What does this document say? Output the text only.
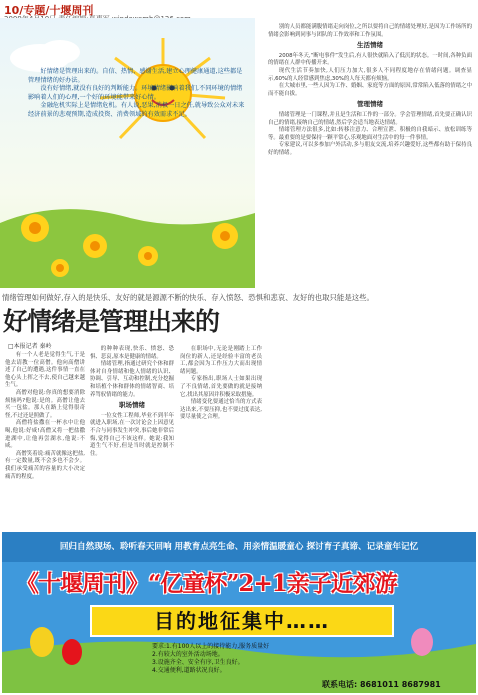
10/专题/十堰周刊

好情绪是管理出来的。自信、热情、感谢生活,建立心理健康通道,这些都是管理情绪的好办法。

没有好情绪,就没有良好的判断能力。环境情绪影响着我们,不同环境的情绪影响着人们的心理,一个好的环境能带来好心情。

金融危机实际上是情绪危机。有人说,恶果,消极一日之任,就导致公众对未来经济前景的悲观预期,造成投资、消费领域的有效需求不足。

情绪管理如何做好,存入的是快乐、友好的就是源源不断的快乐、存入愤怒、恐惧和悲哀、友好的也取只能是这些。
好情绪是管理出来的
□本报记者 秦岭

有一个人老是觉得生气,于是他去请教一位高僧。他向高僧讲述了自己的遭遇,这件事情一直在他心头上挥之不去,使自己越来越生气。

高僧对他说:你真的想要消除烦恼吗?他说:是的。高僧让他去买一包盐。那人在路上觉得很奇怪,不过还是照做了。

高僧将盐撒在一杯水中让他喝,他说:好咸!高僧又将一把盐撒进湖中,让他再尝湖水,他说:不咸。

高僧笑着说:痛苦就像这把盐,有一定数量,既不会多也不会少。我们承受痛苦的容量的大小决定痛苦的程度。

的种种表现,快乐、愤怒、恐惧、悲哀,原本是健康的情绪。

情绪管理,指通过研究个体和群体对自身情绪和他人情绪的认识、协调、引导、互动和控制,充分挖掘和培植个体和群体的情绪智商、培养驾驭情绪的能力。

职场情绪

一位女性工程师,毕业不到半年就进入职场,在一次讨论会上因意见不合与同事发生冲突,事后她非常后悔,觉得自己不该这样。她说:我知道生气不好,但是当时就是控制不住。

在职场中,无论是刚踏上工作岗位的新人,还是经验丰富的老员工,都会因为工作压力大而出现情绪问题。

专家指出,职场人士如果出现了不良情绪,首先要做的就是接纳它,找出其原因并积极采取措施。

情绪变化要通过恰当的方式表达出来,不要压抑,也不要过度表达,要尽量使之合理。

别的人员都能满腹情绪走向岗位,之所以要将自己的情绪处理好,是因为工作场所的情绪会影响到同事与团队的工作效率和工作氛围。

生活情绪

2008年冬天,“断电事件”发生后,有人很快就陷入了低沉的状态。一时间,各种负面的情绪在人群中传播开来。

现代生活节奏加快,人们压力加大,很多人不同程度地存在情绪问题。调查显示,60%的人经常感到焦虑,30%的人每天都有烦恼。

在大城市里,一些人因为工作、婚姻、家庭等方面的原因,常常陷入低落的情绪之中而不能自拔。

管理情绪

情绪管理是一门课程,并且是生活和工作的一部分。学会管理情绪,首先要正确认识自己的情绪,接纳自己的情绪,然后学会适当地表达情绪。

情绪管理方法很多,比如:转移注意力、合理宣泄、积极的自我暗示、放松训练等等。最重要的是要保持一颗平常心,乐观地面对生活中的每一件事情。

专家建议,可以多参加户外活动,多与朋友交流,培养兴趣爱好,这些都有助于保持良好的情绪。

回归自然现场、聆听春天回响 用教育点亮生命、用亲情温暖童心 探讨育子真谛、记录童年记忆
《十堰周刊》“亿童杯”2+1亲子近郊游
目的地征集中……
要求:1.有100人以上的接待能力,服务质量好
2.有较大的室外活动场地。
3.设施齐全、安全有序,卫生良好。
4.交通便利,道路状况良好。
联系电话: 8681011 8687981
